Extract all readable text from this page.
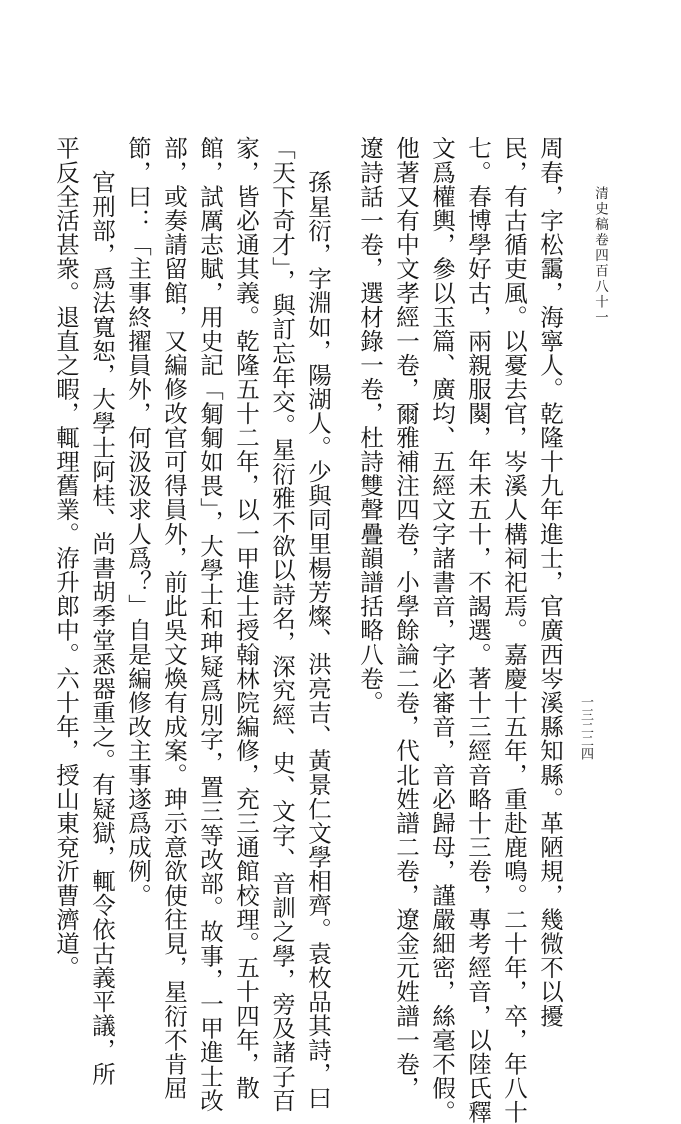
清史稿卷四百八十一
一三二二四
周春，字松靄，海寧人。乾隆十九年進士，官廣西岑溪縣知縣。革陋規，幾微不以擾
民，有古循吏風。以憂去官，岑溪人構祠祀焉。嘉慶十五年，重赴鹿鳴。二十年，卒，年八十
七。春博學好古，兩親服闋，年未五十，不謁選。著十三經音略十三卷，專考經音，以陸氏釋
文爲權輿，參以玉篇、廣均、五經文字諸書音，字必審音，音必歸母，謹嚴細密，絲毫不假。
他著又有中文孝經一卷，爾雅補注四卷，小學餘論二卷，代北姓譜二卷，遼金元姓譜一卷，
遼詩話一卷，選材錄一卷，杜詩雙聲疊韻譜括略八卷。
孫星衍，字淵如，陽湖人。少與同里楊芳燦、洪亮吉、黃景仁文學相齊。袁枚品其詩，曰
「天下奇才」，與訂忘年交。星衍雅不欲以詩名，深究經、史、文字、音訓之學，旁及諸子百
家，皆必通其義。乾隆五十二年，以一甲進士授翰林院編修，充三通館校理。五十四年，散
館，試厲志賦，用史記「匔匔如畏」，大學士和珅疑爲別字，置三等改部。故事，一甲進士改
部，或奏請留館，又編修改官可得員外，前此吳文煥有成案。珅示意欲使往見，星衍不肯屈
節，曰：「主事終擢員外，何汲汲求人爲？」自是編修改主事遂爲成例。
官刑部，爲法寬恕，大學士阿桂、尚書胡季堂悉器重之。有疑獄，輒令依古義平議，所
平反全活甚衆。退直之暇，輒理舊業。洊升郎中。六十年，授山東兗沂曹濟道。
